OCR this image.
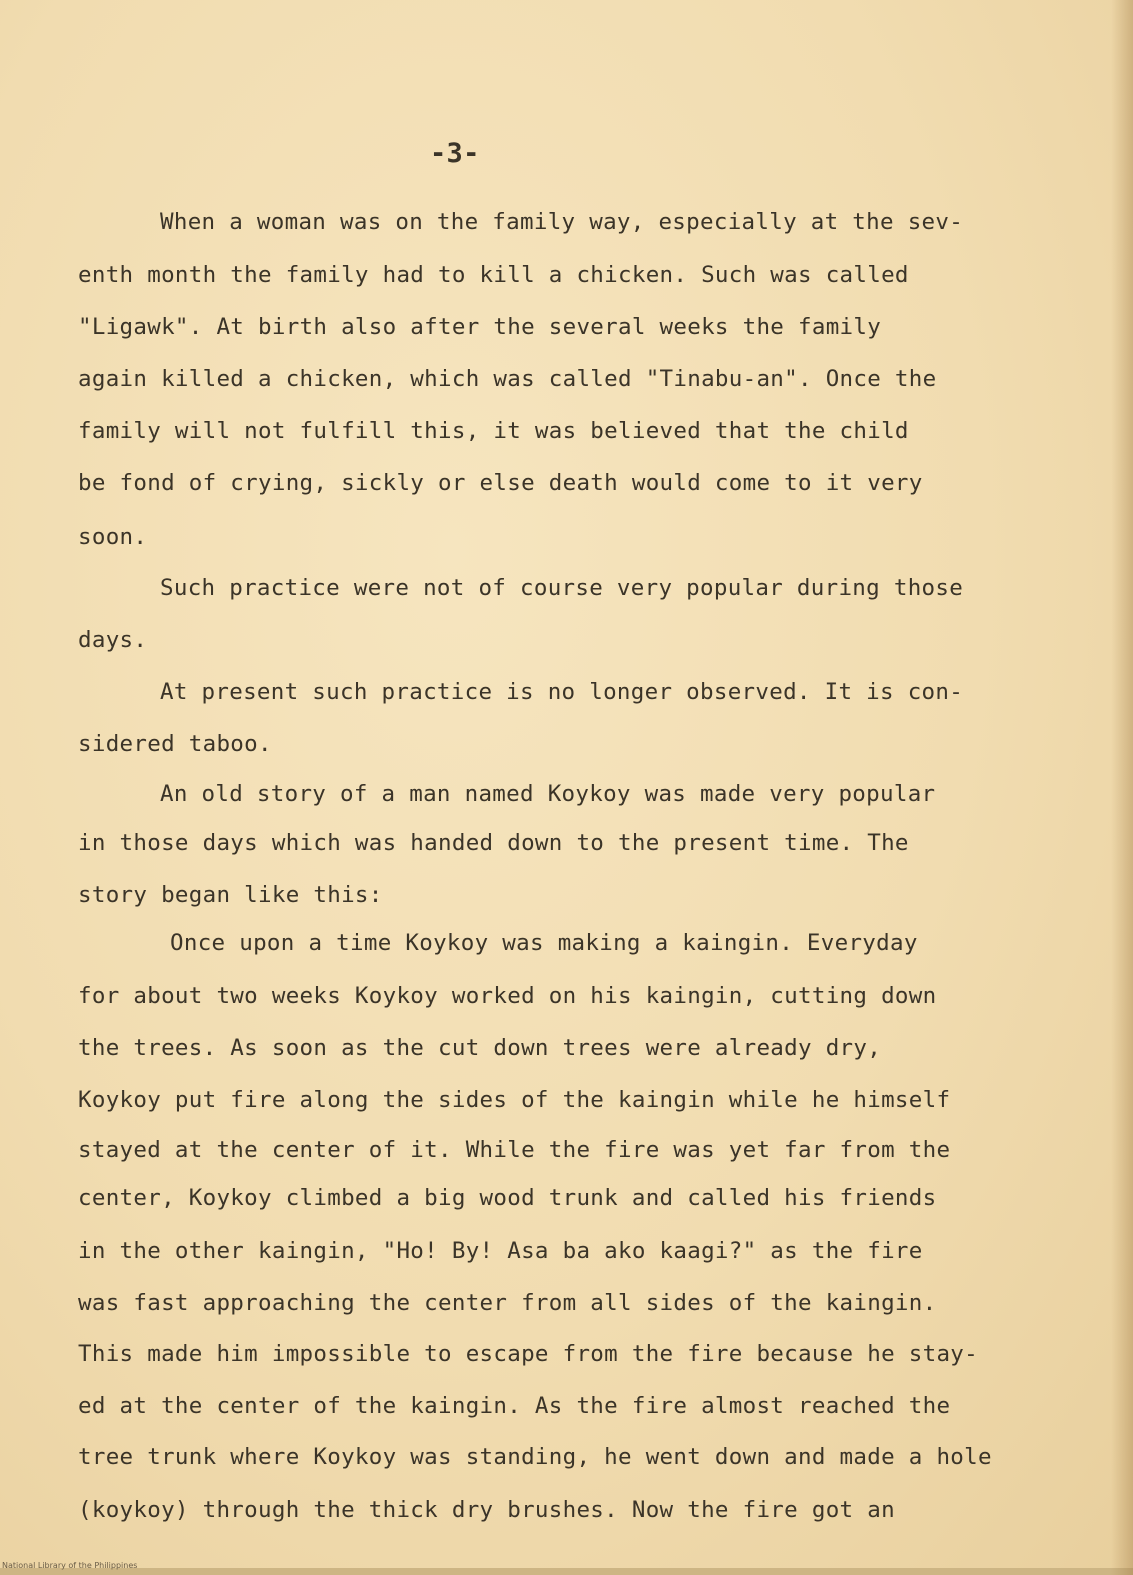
-3-
When a woman was on the family way, especially at the sev-
enth month the family had to kill a chicken. Such was called
"Ligawk". At birth also after the several weeks the family
again killed a chicken, which was called "Tinabu-an". Once the
family will not fulfill this, it was believed that the child
be fond of crying, sickly or else death would come to it very
soon.
Such practice were not of course very popular during those
days.
At present such practice is no longer observed. It is con-
sidered taboo.
An old story of a man named Koykoy was made very popular
in those days which was handed down to the present time. The
story began like this:
Once upon a time Koykoy was making a kaingin. Everyday
for about two weeks Koykoy worked on his kaingin, cutting down
the trees. As soon as the cut down trees were already dry,
Koykoy put fire along the sides of the kaingin while he himself
stayed at the center of it. While the fire was yet far from the
center, Koykoy climbed a big wood trunk and called his friends
in the other kaingin, "Ho! By! Asa ba ako kaagi?" as the fire
was fast approaching the center from all sides of the kaingin.
This made him impossible to escape from the fire because he stay-
ed at the center of the kaingin. As the fire almost reached the
tree trunk where Koykoy was standing, he went down and made a hole
(koykoy) through the thick dry brushes. Now the fire got an
National Library of the Philippines
